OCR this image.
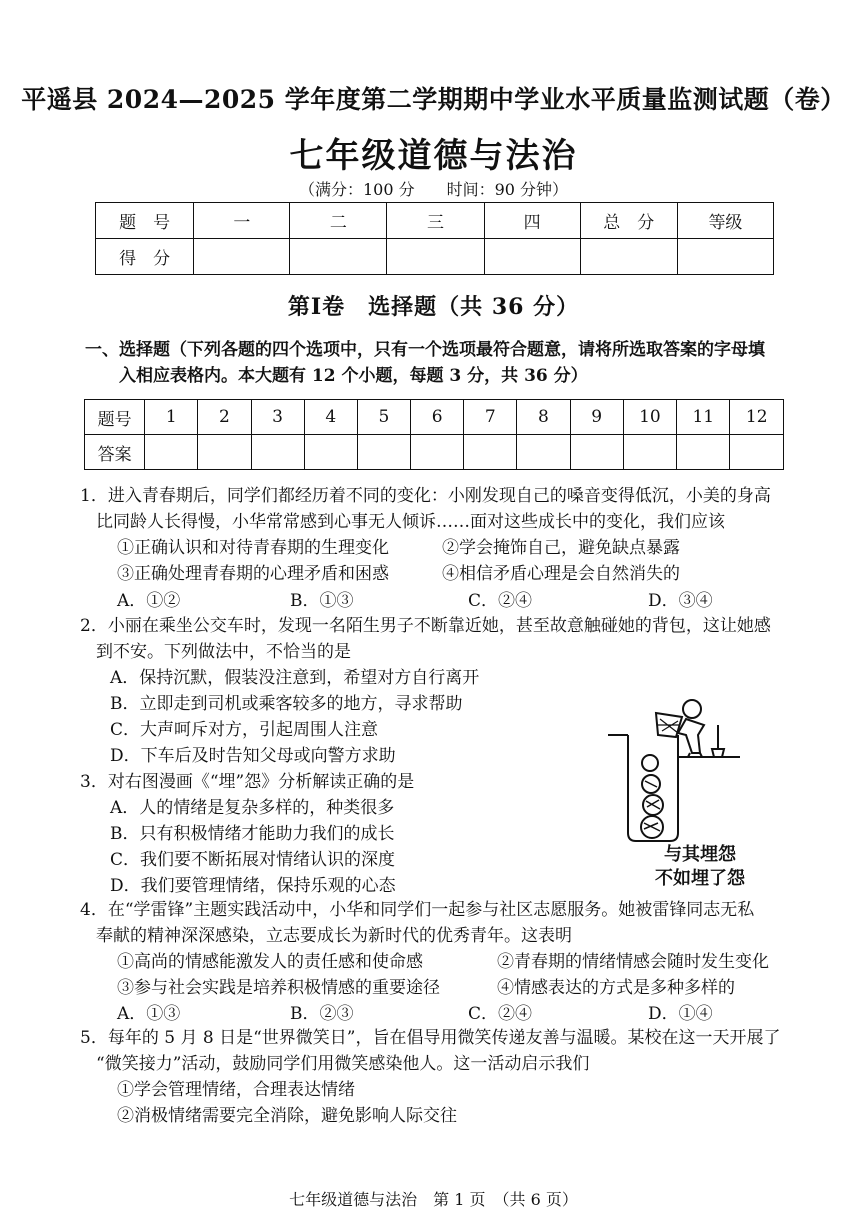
平遥县 2024—2025 学年度第二学期期中学业水平质量监测试题（卷）
七年级道德与法治
（满分：100 分　　时间：90 分钟）
题　号	一	二	三	四	总　分	等级
得　分						
第Ⅰ卷　选择题（共 36 分）
一、选择题（下列各题的四个选项中，只有一个选项最符合题意，请将所选取答案的字母填
入相应表格内。本大题有 12 个小题，每题 3 分，共 36 分）
题号	1	2	3	4	5	6	7	8	9	10	11	12
答案												
1．进入青春期后，同学们都经历着不同的变化：小刚发现自己的嗓音变得低沉，小美的身高
比同龄人长得慢，小华常常感到心事无人倾诉……面对这些成长中的变化，我们应该
①正确认识和对待青春期的生理变化	②学会掩饰自己，避免缺点暴露
③正确处理青春期的心理矛盾和困惑	④相信矛盾心理是会自然消失的
A．①②	B．①③	C．②④	D．③④
2．小丽在乘坐公交车时，发现一名陌生男子不断靠近她，甚至故意触碰她的背包，这让她感
到不安。下列做法中，不恰当的是
A．保持沉默，假装没注意到，希望对方自行离开
B．立即走到司机或乘客较多的地方，寻求帮助
C．大声呵斥对方，引起周围人注意
D．下车后及时告知父母或向警方求助
3．对右图漫画《“埋”怨》分析解读正确的是
A．人的情绪是复杂多样的，种类很多
B．只有积极情绪才能助力我们的成长
C．我们要不断拓展对情绪认识的深度
D．我们要管理情绪，保持乐观的心态
与其埋怨
不如埋了怨
4．在“学雷锋”主题实践活动中，小华和同学们一起参与社区志愿服务。她被雷锋同志无私
奉献的精神深深感染，立志要成长为新时代的优秀青年。这表明
①高尚的情感能激发人的责任感和使命感	②青春期的情绪情感会随时发生变化
③参与社会实践是培养积极情感的重要途径	④情感表达的方式是多种多样的
A．①③	B．②③	C．②④	D．①④
5．每年的 5 月 8 日是“世界微笑日”，旨在倡导用微笑传递友善与温暖。某校在这一天开展了
“微笑接力”活动，鼓励同学们用微笑感染他人。这一活动启示我们
①学会管理情绪，合理表达情绪
②消极情绪需要完全消除，避免影响人际交往
七年级道德与法治　第 1 页　（共 6 页）
